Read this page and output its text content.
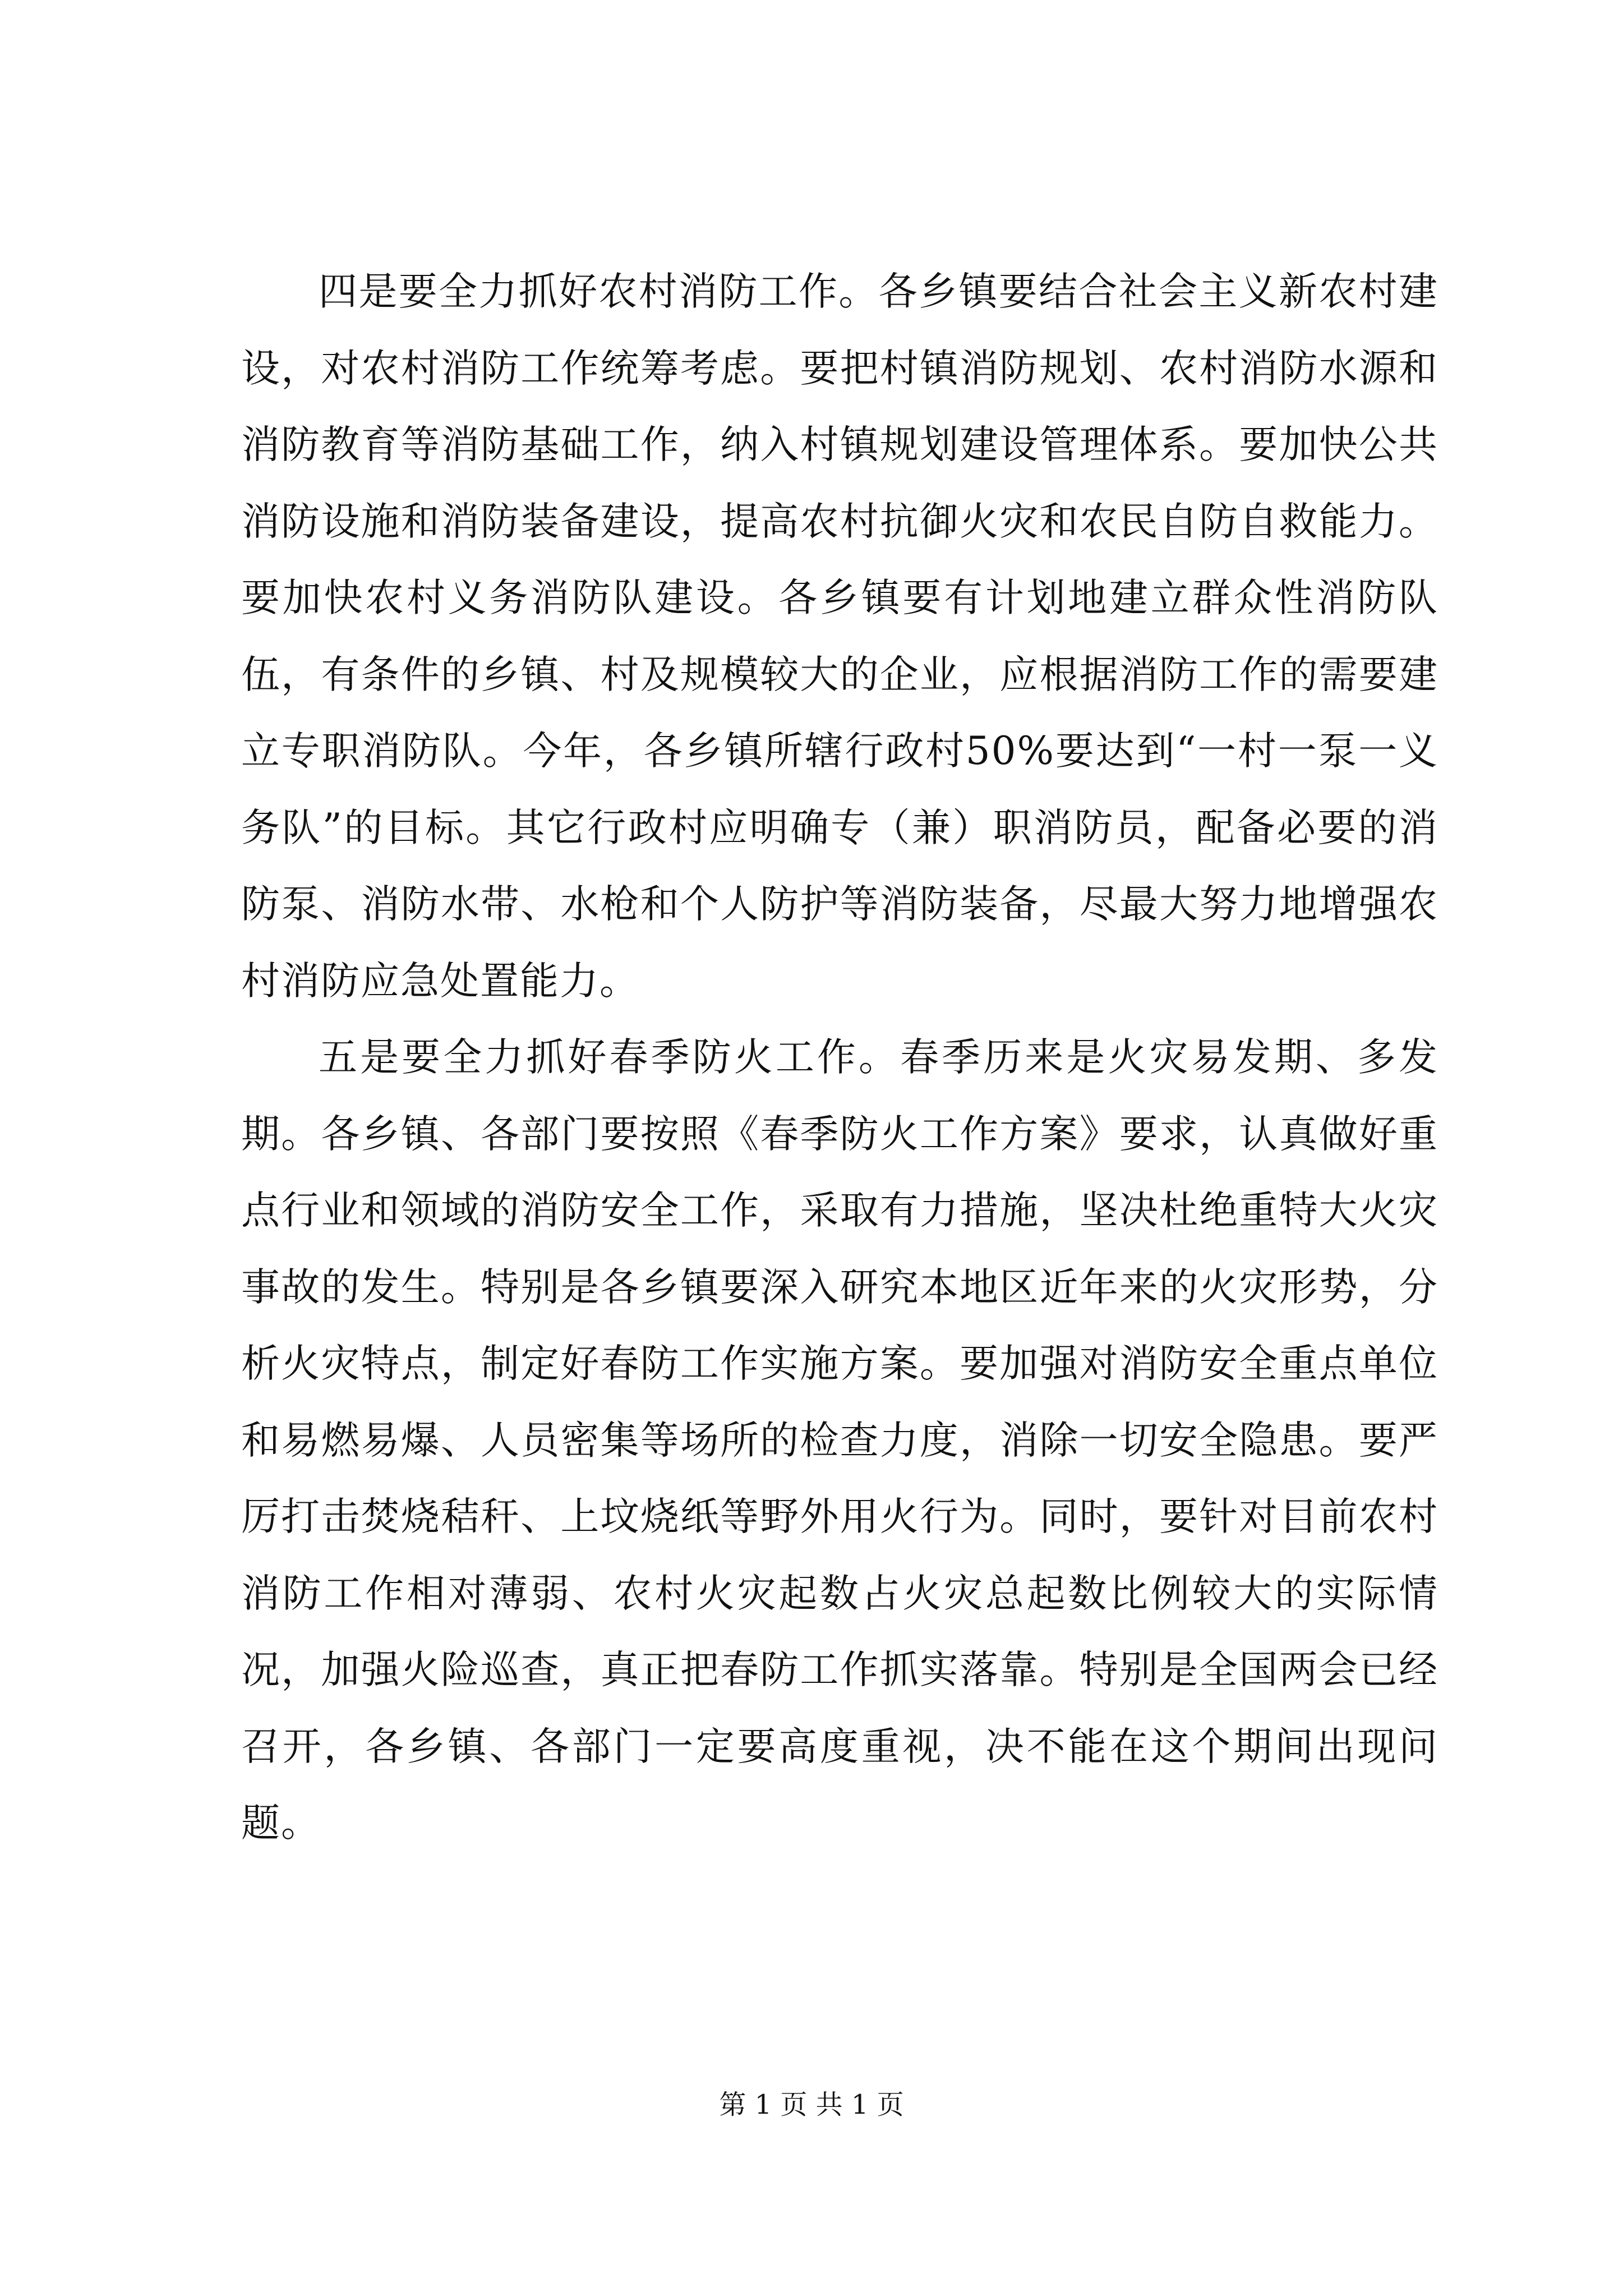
四是要全力抓好农村消防工作。各乡镇要结合社会主义新农村建设，对农村消防工作统筹考虑。要把村镇消防规划、农村消防水源和消防教育等消防基础工作，纳入村镇规划建设管理体系。要加快公共消防设施和消防装备建设，提高农村抗御火灾和农民自防自救能力。要加快农村义务消防队建设。各乡镇要有计划地建立群众性消防队伍，有条件的乡镇、村及规模较大的企业，应根据消防工作的需要建立专职消防队。今年，各乡镇所辖行政村50%要达到“一村一泵一义务队”的目标。其它行政村应明确专（兼）职消防员，配备必要的消防泵、消防水带、水枪和个人防护等消防装备，尽最大努力地增强农村消防应急处置能力。

五是要全力抓好春季防火工作。春季历来是火灾易发期、多发期。各乡镇、各部门要按照《春季防火工作方案》要求，认真做好重点行业和领域的消防安全工作，采取有力措施，坚决杜绝重特大火灾事故的发生。特别是各乡镇要深入研究本地区近年来的火灾形势，分析火灾特点，制定好春防工作实施方案。要加强对消防安全重点单位和易燃易爆、人员密集等场所的检查力度，消除一切安全隐患。要严厉打击焚烧秸秆、上坟烧纸等野外用火行为。同时，要针对目前农村消防工作相对薄弱、农村火灾起数占火灾总起数比例较大的实际情况，加强火险巡查，真正把春防工作抓实落靠。特别是全国两会已经召开，各乡镇、各部门一定要高度重视，决不能在这个期间出现问题。

第 1 页 共 1 页
